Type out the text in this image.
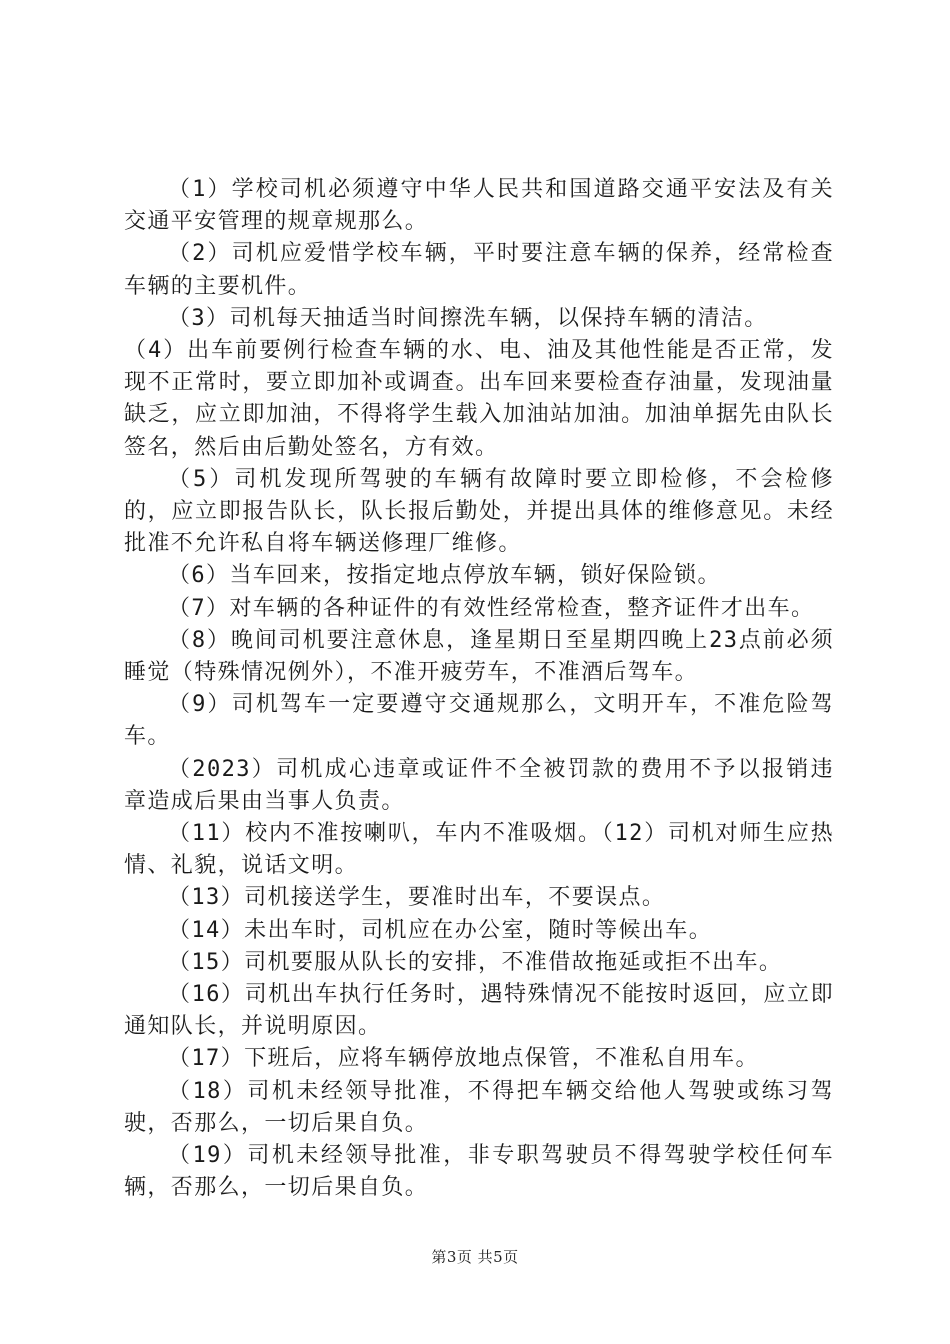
（1）学校司机必须遵守中华人民共和国道路交通平安法及有关交通平安管理的规章规那么。

（2）司机应爱惜学校车辆，平时要注意车辆的保养，经常检查车辆的主要机件。

（3）司机每天抽适当时间擦洗车辆，以保持车辆的清洁。

（4）出车前要例行检查车辆的水、电、油及其他性能是否正常，发现不正常时，要立即加补或调查。出车回来要检查存油量，发现油量缺乏，应立即加油，不得将学生载入加油站加油。加油单据先由队长签名，然后由后勤处签名，方有效。

（5）司机发现所驾驶的车辆有故障时要立即检修，不会检修的，应立即报告队长，队长报后勤处，并提出具体的维修意见。未经批准不允许私自将车辆送修理厂维修。

（6）当车回来，按指定地点停放车辆，锁好保险锁。

（7）对车辆的各种证件的有效性经常检查，整齐证件才出车。

（8）晚间司机要注意休息，逢星期日至星期四晚上23点前必须睡觉（特殊情况例外），不准开疲劳车，不准酒后驾车。

（9）司机驾车一定要遵守交通规那么，文明开车，不准危险驾车。

（2023）司机成心违章或证件不全被罚款的费用不予以报销违章造成后果由当事人负责。

（11）校内不准按喇叭，车内不准吸烟。（12）司机对师生应热情、礼貌，说话文明。

（13）司机接送学生，要准时出车，不要误点。

（14）未出车时，司机应在办公室，随时等候出车。

（15）司机要服从队长的安排，不准借故拖延或拒不出车。

（16）司机出车执行任务时，遇特殊情况不能按时返回，应立即通知队长，并说明原因。

（17）下班后，应将车辆停放地点保管，不准私自用车。

（18）司机未经领导批准，不得把车辆交给他人驾驶或练习驾驶，否那么，一切后果自负。

（19）司机未经领导批准，非专职驾驶员不得驾驶学校任何车辆，否那么，一切后果自负。

第3页 共5页
